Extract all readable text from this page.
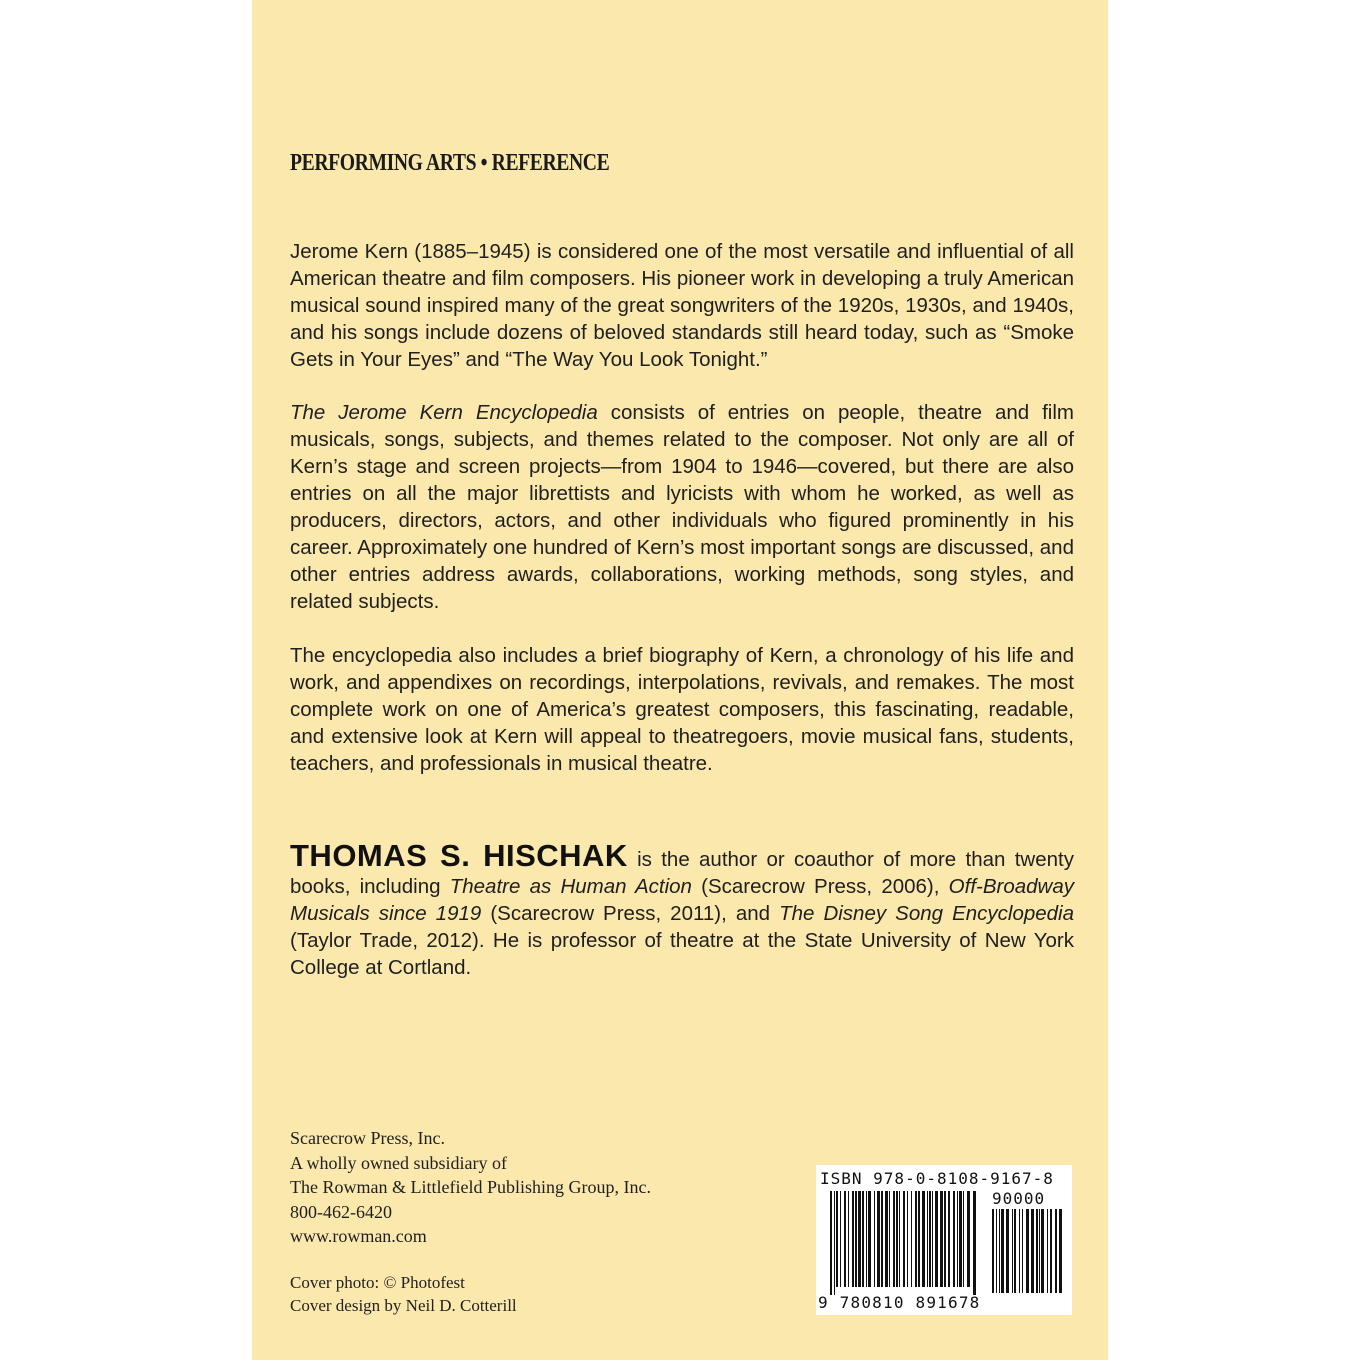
PERFORMING ARTS • REFERENCE

Jerome Kern (1885–1945) is considered one of the most versatile and influential of all American theatre and film composers. His pioneer work in developing a truly American musical sound inspired many of the great songwriters of the 1920s, 1930s, and 1940s, and his songs include dozens of beloved standards still heard today, such as “Smoke Gets in Your Eyes” and “The Way You Look Tonight.”

The Jerome Kern Encyclopedia consists of entries on people, theatre and film musicals, songs, subjects, and themes related to the composer. Not only are all of Kern’s stage and screen projects—from 1904 to 1946—covered, but there are also entries on all the major librettists and lyricists with whom he worked, as well as producers, directors, actors, and other individuals who figured prominently in his career. Approximately one hundred of Kern’s most important songs are discussed, and other entries address awards, collaborations, working methods, song styles, and related subjects.

The encyclopedia also includes a brief biography of Kern, a chronology of his life and work, and appendixes on recordings, interpolations, revivals, and remakes. The most complete work on one of America’s greatest composers, this fascinating, readable, and extensive look at Kern will appeal to theatregoers, movie musical fans, students, teachers, and professionals in musical theatre.

THOMAS S. HISCHAK is the author or coauthor of more than twenty books, including Theatre as Human Action (Scarecrow Press, 2006), Off-Broadway Musicals since 1919 (Scarecrow Press, 2011), and The Disney Song Encyclopedia (Taylor Trade, 2012). He is professor of theatre at the State University of New York College at Cortland.

Scarecrow Press, Inc.
A wholly owned subsidiary of
The Rowman & Littlefield Publishing Group, Inc.
800-462-6420
www.rowman.com
Cover photo: © Photofest
Cover design by Neil D. Cotterill
ISBN 978-0-8108-9167-8
90000
9 780810 891678
